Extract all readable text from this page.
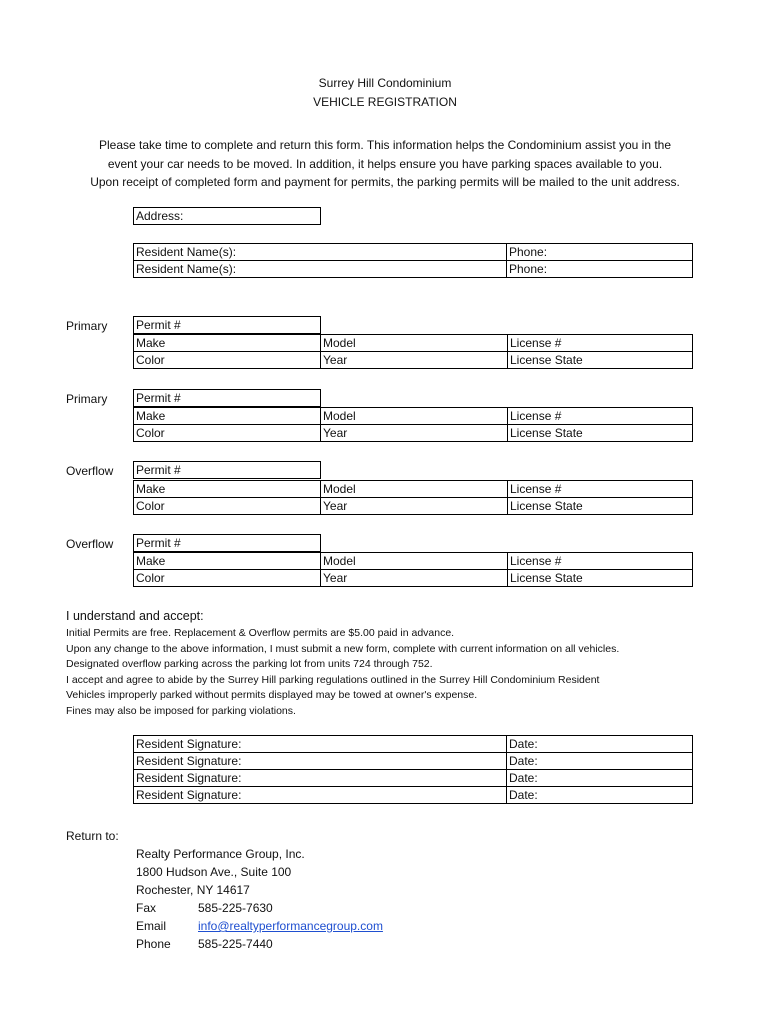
Surrey Hill Condominium
VEHICLE REGISTRATION
Please take time to complete and return this form. This information helps the Condominium assist you in the
event your car needs to be moved. In addition, it helps ensure you have parking spaces available to you.
Upon receipt of completed form and payment for permits, the parking permits will be mailed to the unit address.
Address:
Resident Name(s):	Phone:
Resident Name(s):	Phone:
Primary Permit #
Make	Model	License #
Color	Year	License State
Primary Permit #
Make	Model	License #
Color	Year	License State
Overflow Permit #
Make	Model	License #
Color	Year	License State
Overflow Permit #
Make	Model	License #
Color	Year	License State
I understand and accept:
Initial Permits are free. Replacement & Overflow permits are $5.00 paid in advance.
Upon any change to the above information, I must submit a new form, complete with current information on all vehicles.
Designated overflow parking across the parking lot from units 724 through 752.
I accept and agree to abide by the Surrey Hill parking regulations outlined in the Surrey Hill Condominium Resident
Vehicles improperly parked without permits displayed may be towed at owner's expense.
Fines may also be imposed for parking violations.
Resident Signature:	Date:
Resident Signature:	Date:
Resident Signature:	Date:
Resident Signature:	Date:
Return to:
Realty Performance Group, Inc.
1800 Hudson Ave., Suite 100
Rochester, NY 14617
Fax	585-225-7630
Email	info@realtyperformancegroup.com
Phone 585-225-7440
